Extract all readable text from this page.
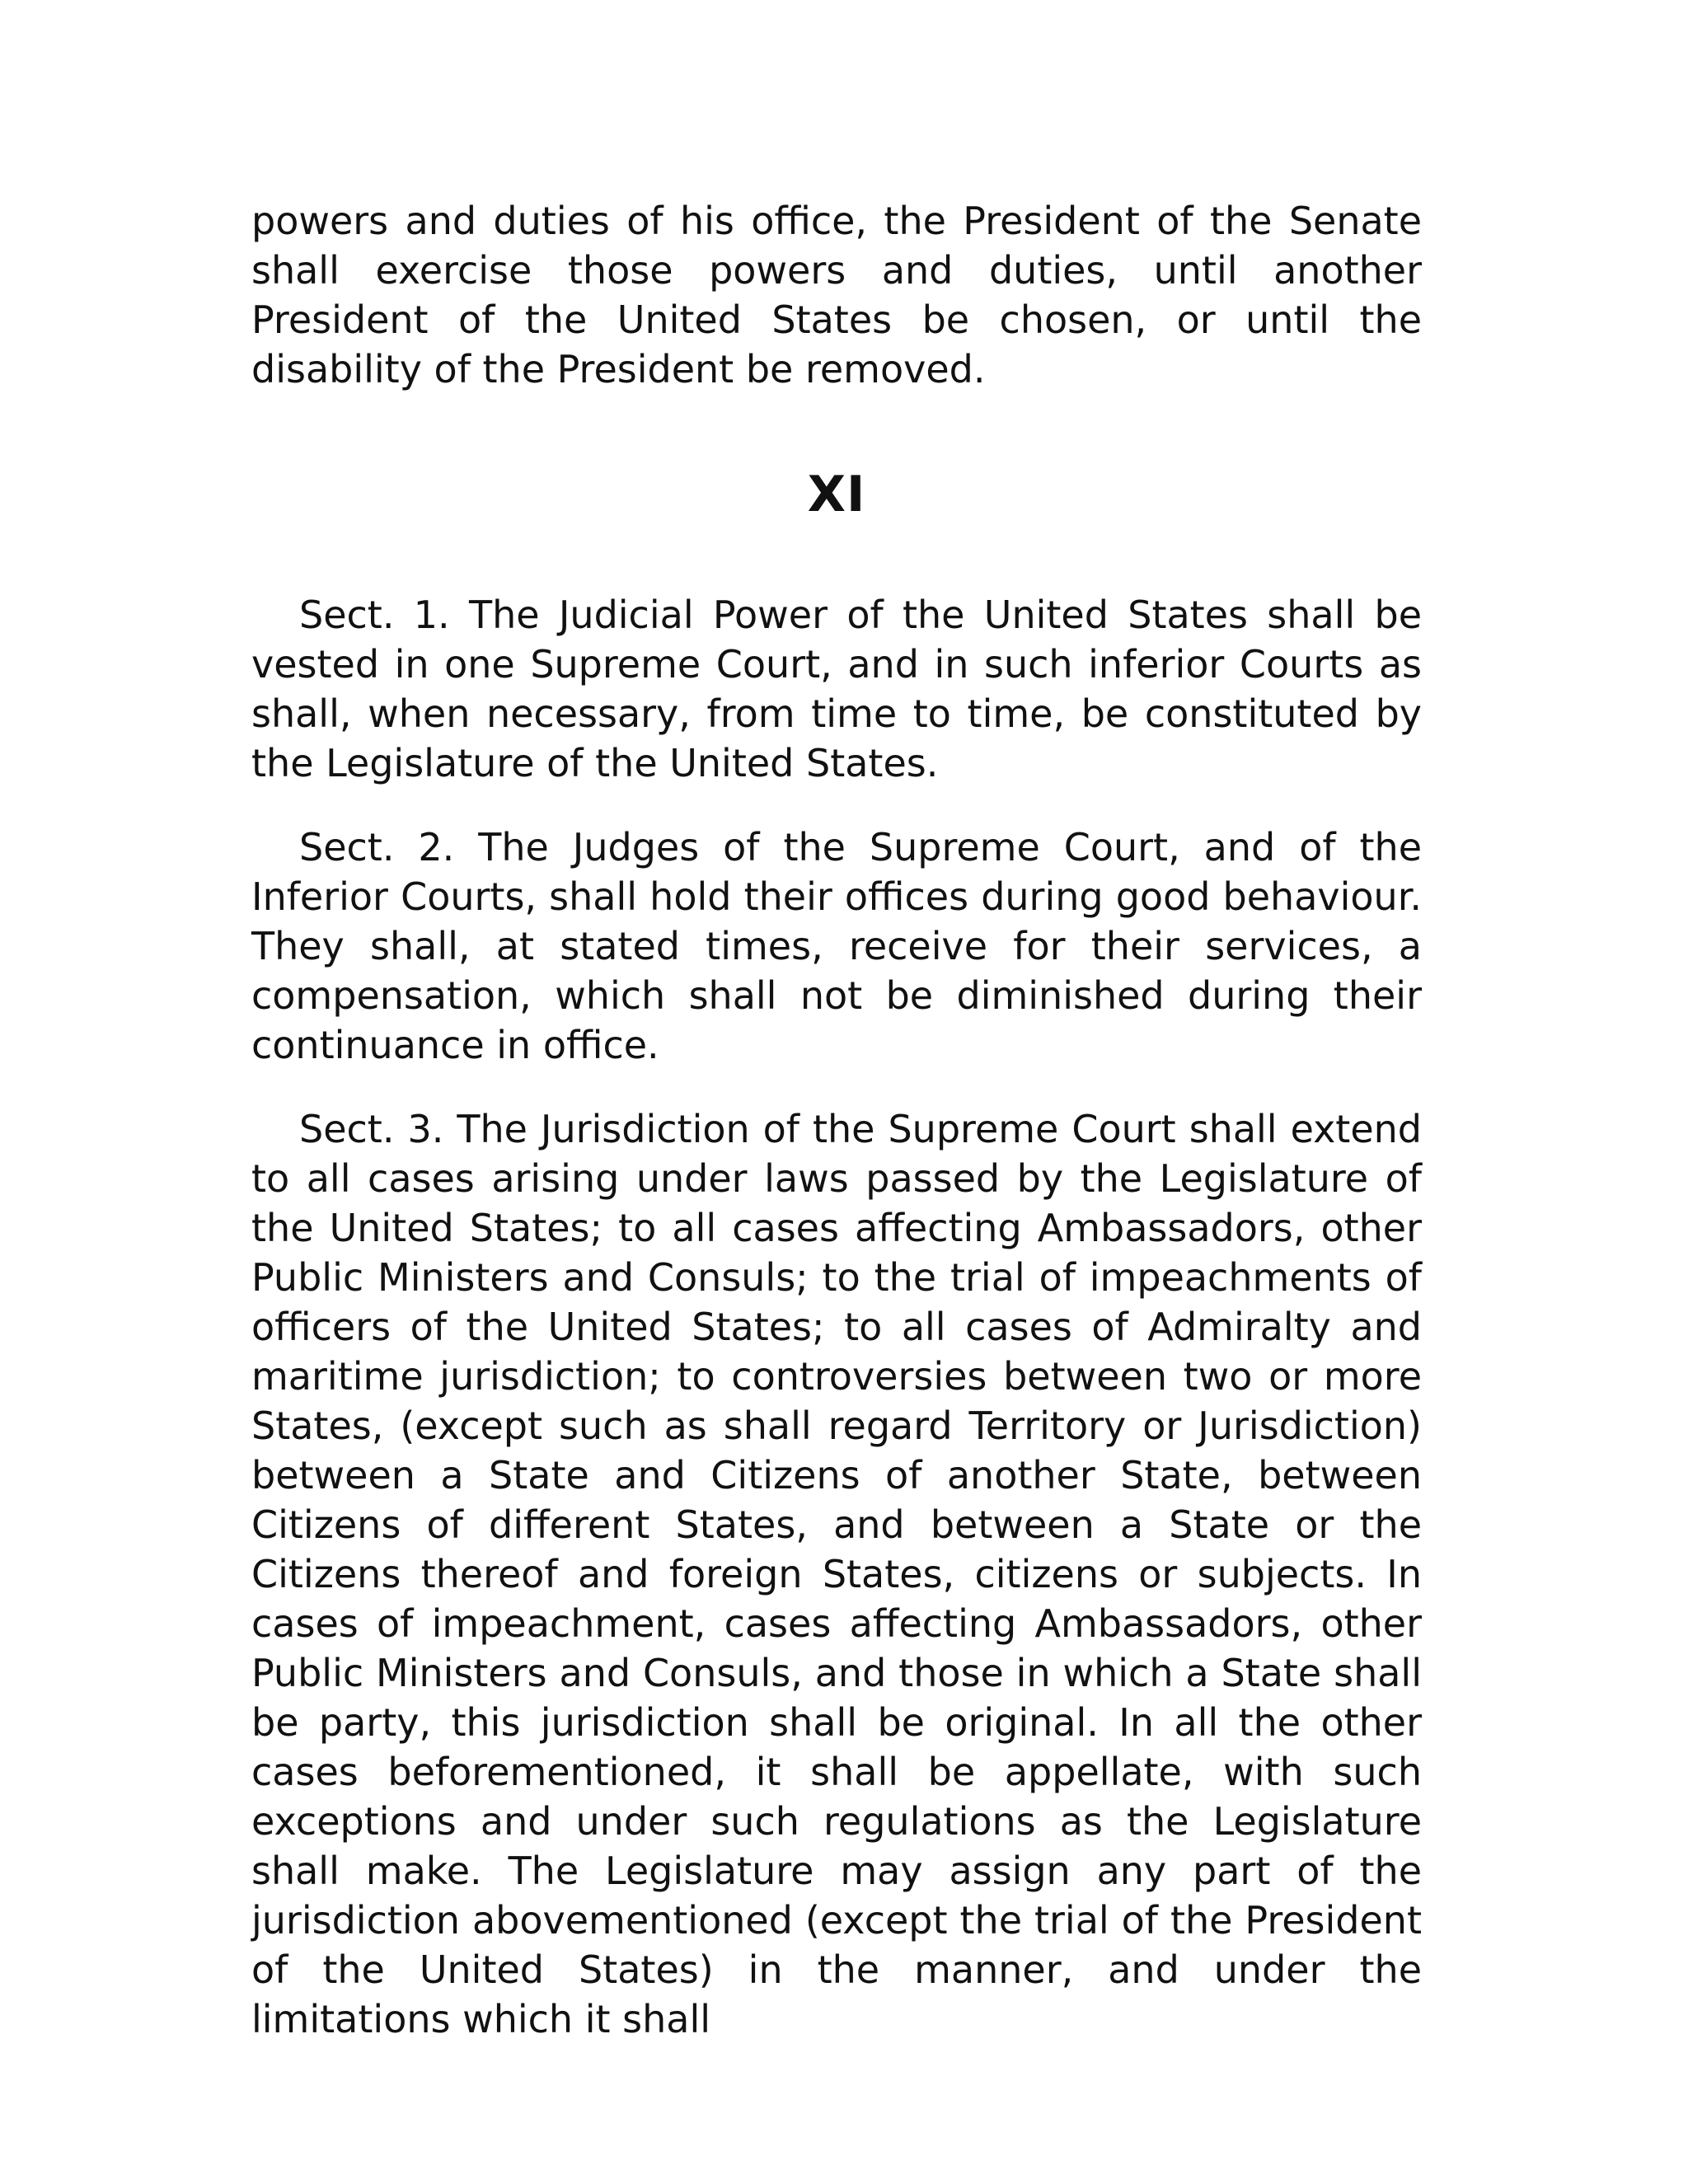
powers and duties of his office, the President of the Senate shall exercise those powers and duties, until another President of the United States be chosen, or until the disability of the President be removed.

XI

Sect. 1. The Judicial Power of the United States shall be vested in one Supreme Court, and in such inferior Courts as shall, when necessary, from time to time, be constituted by the Legislature of the United States.

Sect. 2. The Judges of the Supreme Court, and of the Inferior Courts, shall hold their offices during good behaviour. They shall, at stated times, receive for their services, a compensation, which shall not be diminished during their continuance in office.

Sect. 3. The Jurisdiction of the Supreme Court shall extend to all cases arising under laws passed by the Legislature of the United States; to all cases affecting Ambassadors, other Public Ministers and Consuls; to the trial of impeachments of officers of the United States; to all cases of Admiralty and maritime jurisdiction; to controversies between two or more States, (except such as shall regard Territory or Jurisdiction) between a State and Citizens of another State, between Citizens of different States, and between a State or the Citizens thereof and foreign States, citizens or subjects. In cases of impeachment, cases affecting Ambassadors, other Public Ministers and Consuls, and those in which a State shall be party, this jurisdiction shall be original. In all the other cases beforementioned, it shall be appellate, with such exceptions and under such regulations as the Legislature shall make. The Legislature may assign any part of the jurisdiction abovementioned (except the trial of the President of the United States) in the manner, and under the limitations which it shall
